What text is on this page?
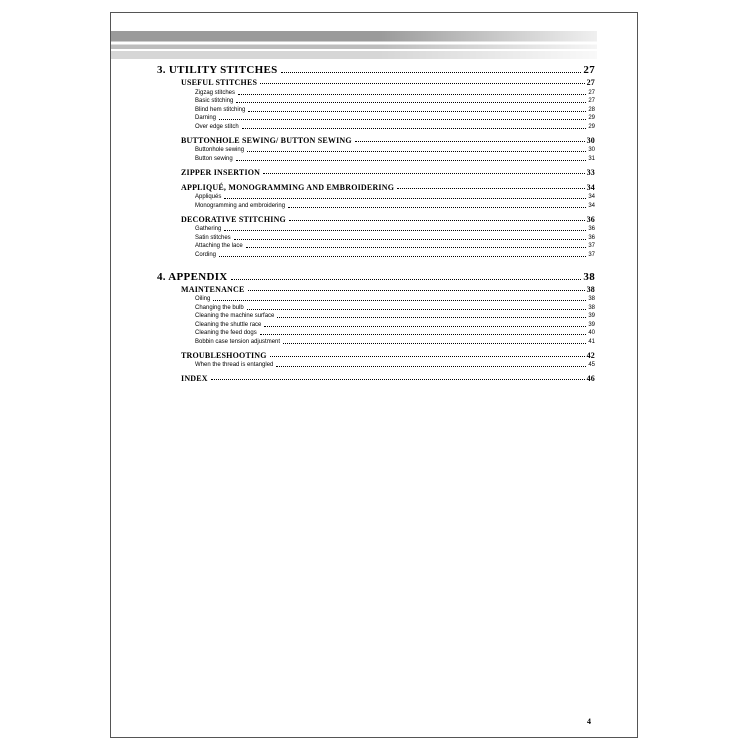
3. UTILITY STITCHES	27
USEFUL STITCHES	27
Zigzag stitches	27
Basic stitching	27
Blind hem stitching	28
Darning	29
Over edge stitch	29
BUTTONHOLE SEWING/ BUTTON SEWING	30
Buttonhole sewing	30
Button sewing	31
ZIPPER INSERTION	33
APPLIQUÉ, MONOGRAMMING AND EMBROIDERING	34
Appliqués	34
Monogramming and embroidering	34
DECORATIVE STITCHING	36
Gathering	36
Satin stitches	36
Attaching the lace	37
Cording	37
4. APPENDIX	38
MAINTENANCE	38
Oiling	38
Changing the bulb	38
Cleaning the machine surface	39
Cleaning the shuttle race	39
Cleaning the feed dogs	40
Bobbin case tension adjustment	41
TROUBLESHOOTING	42
When the thread is entangled	45
INDEX	46
4
